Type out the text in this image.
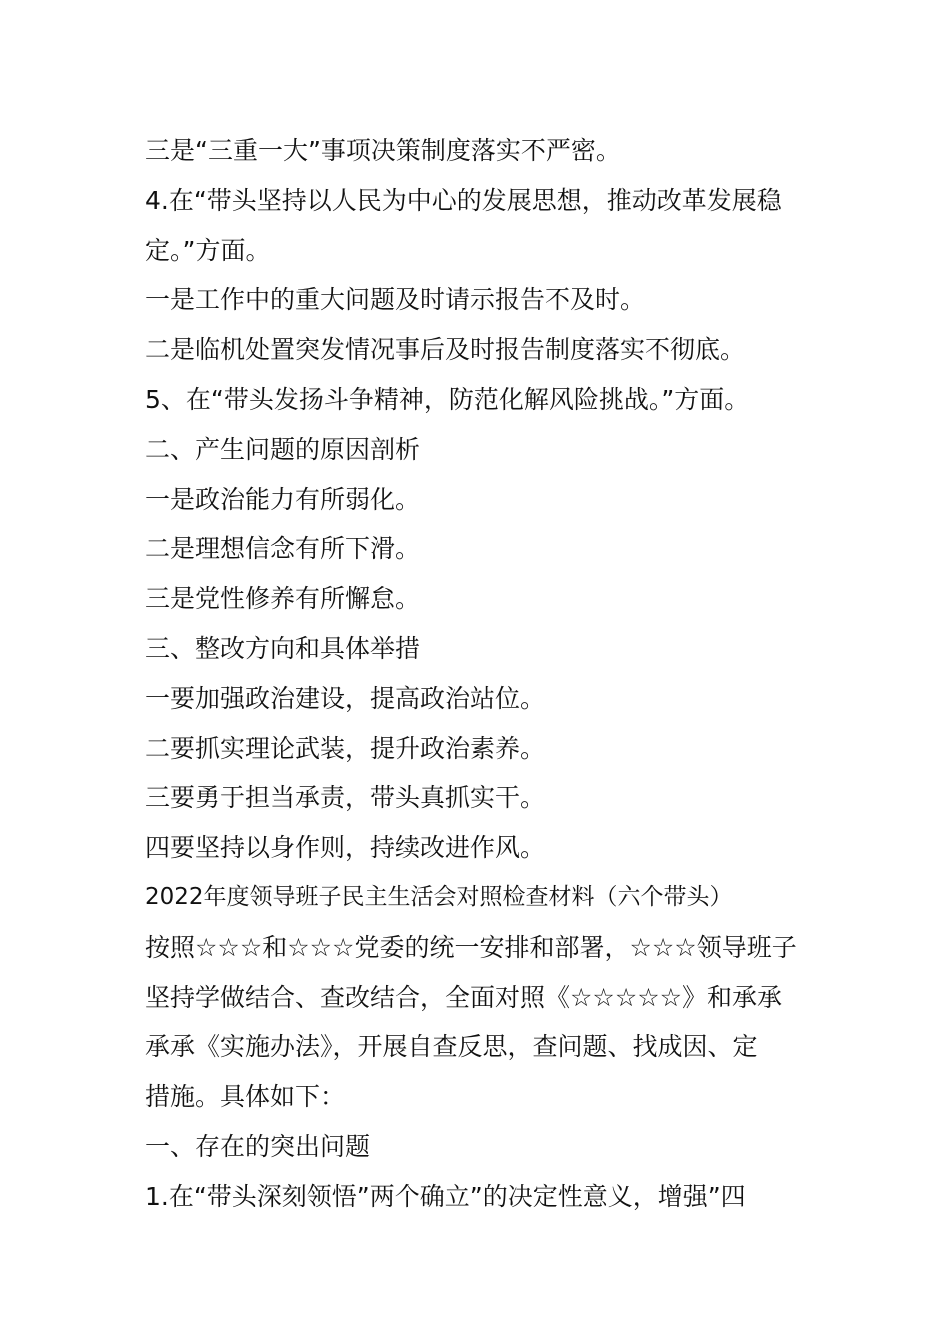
三是“三重一大”事项决策制度落实不严密。
4.在“带头坚持以人民为中心的发展思想，推动改革发展稳
定。”方面。
一是工作中的重大问题及时请示报告不及时。
二是临机处置突发情况事后及时报告制度落实不彻底。
5、在“带头发扬斗争精神，防范化解风险挑战。”方面。
二、产生问题的原因剖析
一是政治能力有所弱化。
二是理想信念有所下滑。
三是党性修养有所懈怠。
三、整改方向和具体举措
一要加强政治建设，提高政治站位。
二要抓实理论武装，提升政治素养。
三要勇于担当承责，带头真抓实干。
四要坚持以身作则，持续改进作风。
2022年度领导班子民主生活会对照检查材料（六个带头）
按照☆☆☆和☆☆☆党委的统一安排和部署，☆☆☆领导班子
坚持学做结合、查改结合，全面对照《☆☆☆☆☆》和承承
承承《实施办法》，开展自查反思，查问题、找成因、定
措施。具体如下：
一、存在的突出问题
1.在“带头深刻领悟”两个确立”的决定性意义，增强”四
